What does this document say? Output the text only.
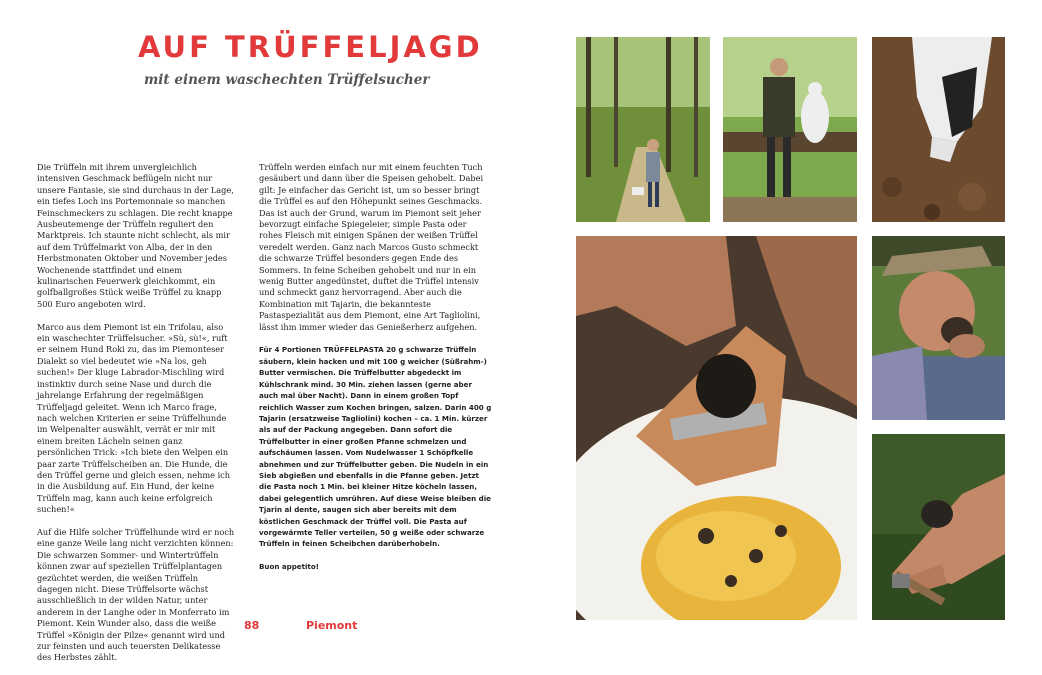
AUF TRÜFFELJAGD
mit einem waschechten Trüffelsucher

Die Trüffeln mit ihrem unvergleichlich intensiven Geschmack beflügeln nicht nur unsere Fantasie, sie sind durchaus in der Lage, ein tiefes Loch ins Portemonnaie so manchen Feinschmeckers zu schlagen. Die recht knappe Ausbeutemenge der Trüffeln reguliert den Marktpreis. Ich staunte nicht schlecht, als mir auf dem Trüffelmarkt von Alba, der in den Herbstmonaten Oktober und November jedes Wochenende stattfindet und einem kulinarischen Feuerwerk gleichkommt, ein golfballgroßes Stück weiße Trüffel zu knapp 500 Euro angeboten wird.

Marco aus dem Piemont ist ein Trifolau, also ein waschechter Trüffelsucher. »Sù, sù!«, ruft er seinem Hund Roki zu, das im Piemonteser Dialekt so viel bedeutet wie »Na los, geh suchen!« Der kluge Labrador-Mischling wird instinktiv durch seine Nase und durch die jahrelange Erfahrung der regelmäßigen Trüffeljagd geleitet. Wenn ich Marco frage, nach welchen Kriterien er seine Trüffelhunde im Welpenalter auswählt, verrät er mir mit einem breiten Lächeln seinen ganz persönlichen Trick: »Ich biete den Welpen ein paar zarte Trüffelscheiben an. Die Hunde, die den Trüffel gerne und gleich essen, nehme ich in die Ausbildung auf. Ein Hund, der keine Trüffeln mag, kann auch keine erfolgreich suchen!«

Auf die Hilfe solcher Trüffelhunde wird er noch eine ganze Weile lang nicht verzichten können: Die schwarzen Sommer- und Wintertrüffeln können zwar auf speziellen Trüffelplantagen gezüchtet werden, die weißen Trüffeln dagegen nicht. Diese Trüffelsorte wächst ausschließlich in der wilden Natur, unter anderem in der Langhe oder in Monferrato im Piemont. Kein Wunder also, dass die weiße Trüffel »Königin der Pilze« genannt wird und zur feinsten und auch teuersten Delikatesse des Herbstes zählt.

Trüffeln werden einfach nur mit einem feuchten Tuch gesäubert und dann über die Speisen gehobelt. Dabei gilt: Je einfacher das Gericht ist, um so besser bringt die Trüffel es auf den Höhepunkt seines Geschmacks. Das ist auch der Grund, warum im Piemont seit jeher bevorzugt einfache Spiegeleier, simple Pasta oder rohes Fleisch mit einigen Spänen der weißen Trüffel veredelt werden. Ganz nach Marcos Gusto schmeckt die schwarze Trüffel besonders gegen Ende des Sommers. In feine Scheiben gehobelt und nur in ein wenig Butter angedünstet, duftet die Trüffel intensiv und schmeckt ganz hervorragend. Aber auch die Kombination mit Tajarin, die bekannteste Pastaspezialität aus dem Piemont, eine Art Tagliolini, lässt ihm immer wieder das Genießerherz aufgehen.

Für 4 Portionen TRÜFFELPASTA 20 g schwarze Trüffeln säubern, klein hacken und mit 100 g weicher (Süßrahm-) Butter vermischen. Die Trüffelbutter abgedeckt im Kühlschrank mind. 30 Min. ziehen lassen (gerne aber auch mal über Nacht). Dann in einem großen Topf reichlich Wasser zum Kochen bringen, salzen. Darin 400 g Tajarin (ersatzweise Tagliolini) kochen – ca. 1 Min. kürzer als auf der Packung angegeben. Dann sofort die Trüffelbutter in einer großen Pfanne schmelzen und aufschäumen lassen. Vom Nudelwasser 1 Schöpfkelle abnehmen und zur Trüffelbutter geben. Die Nudeln in ein Sieb abgießen und ebenfalls in die Pfanne geben. Jetzt die Pasta noch 1 Min. bei kleiner Hitze köcheln lassen, dabei gelegentlich umrühren. Auf diese Weise bleiben die Tjarin al dente, saugen sich aber bereits mit dem köstlichen Geschmack der Trüffel voll. Die Pasta auf vorgewärmte Teller verteilen, 50 g weiße oder schwarze Trüffeln in feinen Scheibchen darüberhobeln.

Buon appetito!

88	Piemont
